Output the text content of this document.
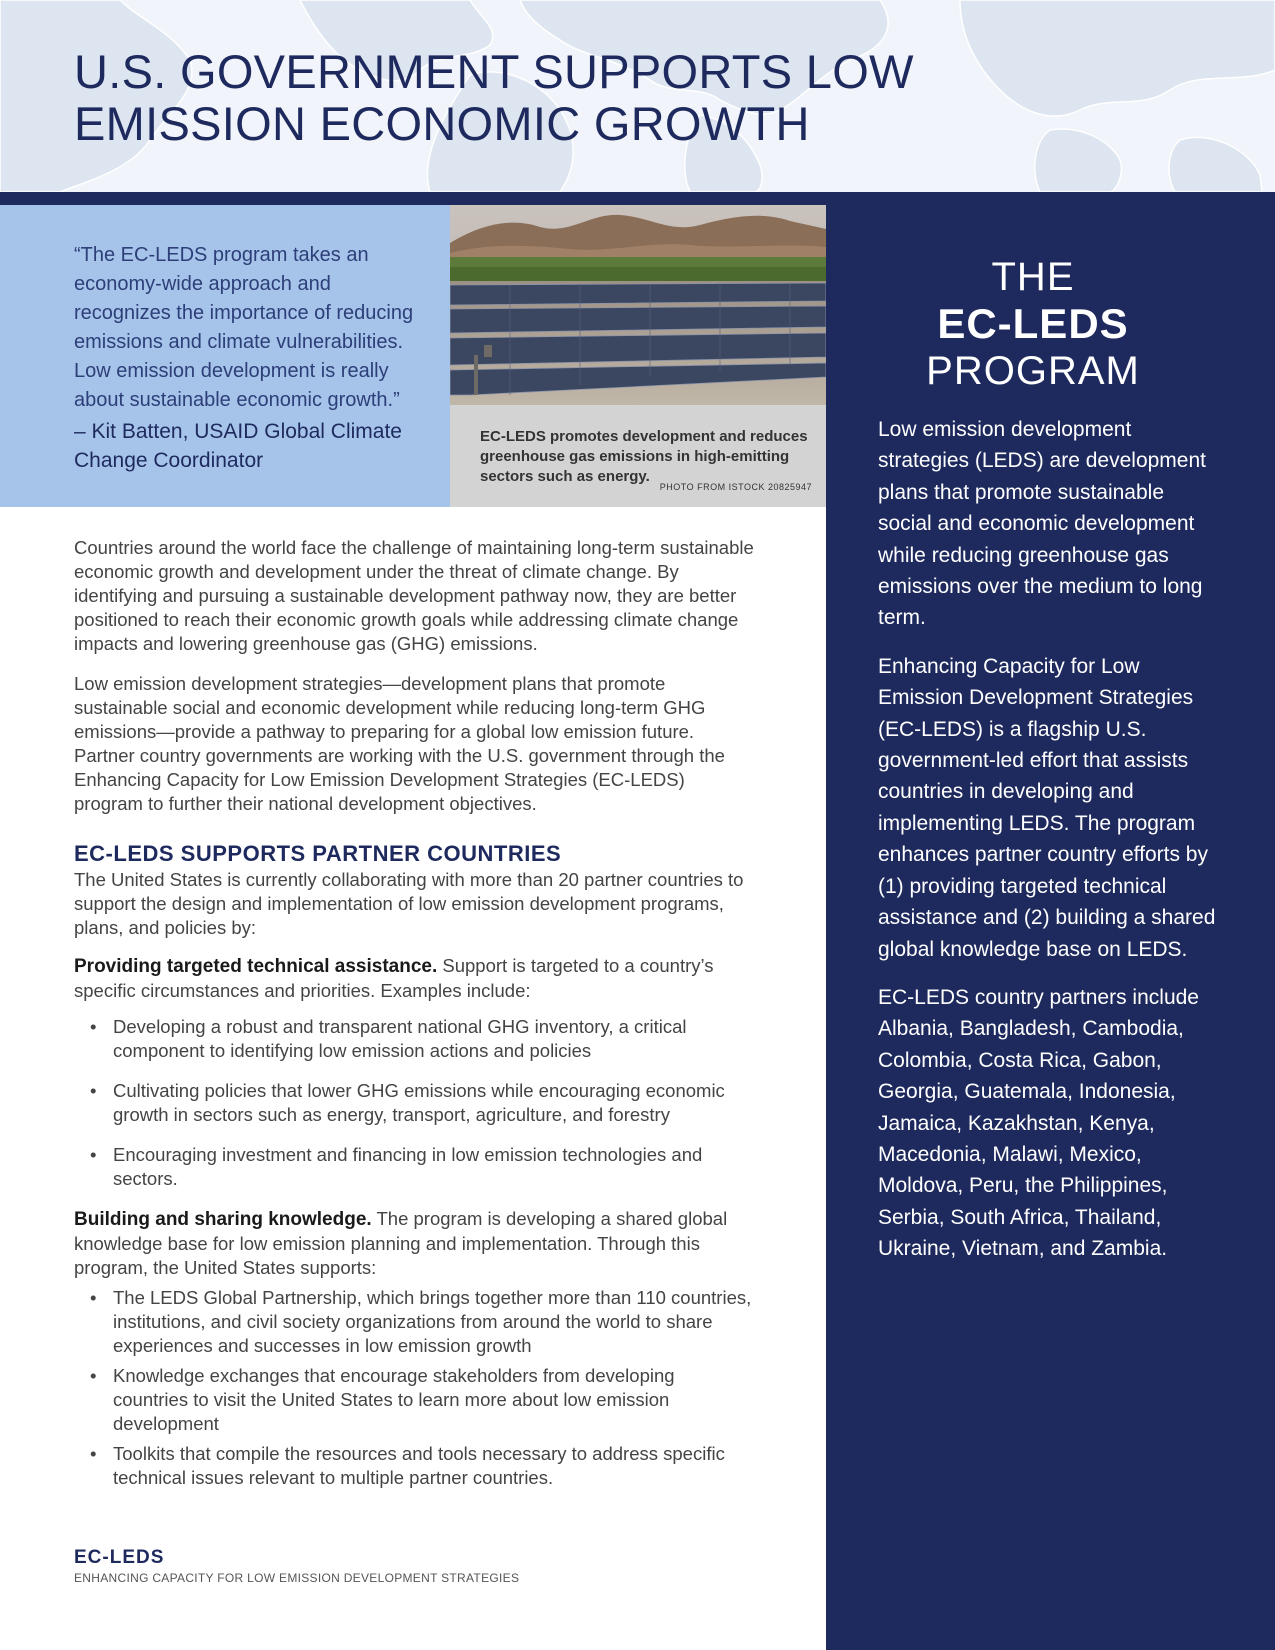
U.S. GOVERNMENT SUPPORTS LOW
EMISSION ECONOMIC GROWTH

“The EC-LEDS program takes an economy-wide approach and recognizes the importance of reducing emissions and climate vulnerabilities. Low emission development is really about sustainable economic growth.”

– Kit Batten, USAID Global Climate Change Coordinator

EC-LEDS promotes development and reduces greenhouse gas emissions in high-emitting sectors such as energy.

PHOTO FROM ISTOCK 20825947

Countries around the world face the challenge of maintaining long-term sustainable economic growth and development under the threat of climate change. By identifying and pursuing a sustainable development pathway now, they are better positioned to reach their economic growth goals while addressing climate change impacts and lowering greenhouse gas (GHG) emissions.

Low emission development strategies—development plans that promote sustainable social and economic development while reducing long-term GHG emissions—provide a pathway to preparing for a global low emission future. Partner country governments are working with the U.S. government through the Enhancing Capacity for Low Emission Development Strategies (EC-LEDS) program to further their national development objectives.

EC-LEDS SUPPORTS PARTNER COUNTRIES

The United States is currently collaborating with more than 20 partner countries to support the design and implementation of low emission development programs, plans, and policies by:

Providing targeted technical assistance. Support is targeted to a country’s specific circumstances and priorities. Examples include:

• Developing a robust and transparent national GHG inventory, a critical component to identifying low emission actions and policies
• Cultivating policies that lower GHG emissions while encouraging economic growth in sectors such as energy, transport, agriculture, and forestry
• Encouraging investment and financing in low emission technologies and sectors.

Building and sharing knowledge. The program is developing a shared global knowledge base for low emission planning and implementation. Through this program, the United States supports:

• The LEDS Global Partnership, which brings together more than 110 countries, institutions, and civil society organizations from around the world to share experiences and successes in low emission growth
• Knowledge exchanges that encourage stakeholders from developing countries to visit the United States to learn more about low emission development
• Toolkits that compile the resources and tools necessary to address specific technical issues relevant to multiple partner countries.
EC-LEDS
ENHANCING CAPACITY FOR LOW EMISSION DEVELOPMENT STRATEGIES
THE
EC-LEDS
PROGRAM

Low emission development strategies (LEDS) are development plans that promote sustainable social and economic development while reducing greenhouse gas emissions over the medium to long term.

Enhancing Capacity for Low Emission Development Strategies (EC-LEDS) is a flagship U.S. government-led effort that assists countries in developing and implementing LEDS. The program enhances partner country efforts by (1) providing targeted technical assistance and (2) building a shared global knowledge base on LEDS.

EC-LEDS country partners include Albania, Bangladesh, Cambodia, Colombia, Costa Rica, Gabon, Georgia, Guatemala, Indonesia, Jamaica, Kazakhstan, Kenya, Macedonia, Malawi, Mexico, Moldova, Peru, the Philippines, Serbia, South Africa, Thailand, Ukraine, Vietnam, and Zambia.
